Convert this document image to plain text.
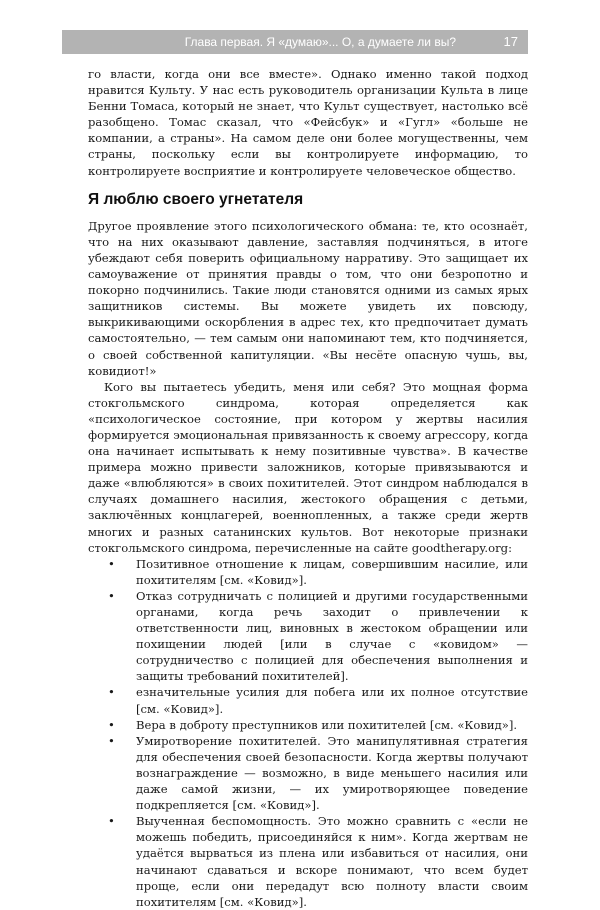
Глава первая. Я «думаю»... О, а думаете ли вы?	17

го власти, когда они все вместе». Однако именно такой подход нравится Культу. У нас есть руководитель организации Культа в лице Бенни Томаса, который не знает, что Культ существует, настолько всё разобщено. Томас сказал, что «Фейсбук» и «Гугл» «больше не компании, а страны». На самом деле они более могущественны, чем страны, поскольку если вы контролируете информацию, то контролируете восприятие и контролируете человеческое общество.

Я люблю своего угнетателя

Другое проявление этого психологического обмана: те, кто осознаёт, что на них оказывают давление, заставляя подчиняться, в итоге убеждают себя поверить официальному нарративу. Это защищает их самоуважение от принятия правды о том, что они безропотно и покорно подчинились. Такие люди становятся одними из самых ярых защитников системы. Вы можете увидеть их повсюду, выкрикивающими оскорбления в адрес тех, кто предпочитает думать самостоятельно, — тем самым они напоминают тем, кто подчиняется, о своей собственной капитуляции. «Вы несёте опасную чушь, вы, ковидиот!»

Кого вы пытаетесь убедить, меня или себя? Это мощная форма стокгольмского синдрома, которая определяется как «психологическое состояние, при котором у жертвы насилия формируется эмоциональная привязанность к своему агрессору, когда она начинает испытывать к нему позитивные чувства». В качестве примера можно привести заложников, которые привязываются и даже «влюбляются» в своих похитителей. Этот синдром наблюдался в случаях домашнего насилия, жестокого обращения с детьми, заключённых концлагерей, военнопленных, а также среди жертв многих и разных сатанинских культов. Вот некоторые признаки стокгольмского синдрома, перечисленные на сайте goodtherapy.org:

• Позитивное отношение к лицам, совершившим насилие, или похитителям [см. «Ковид»].
• Отказ сотрудничать с полицией и другими государственными органами, когда речь заходит о привлечении к ответственности лиц, виновных в жестоком обращении или похищении людей [или в случае с «ковидом» — сотрудничество с полицией для обеспечения выполнения и защиты требований похитителей].
• езначительные усилия для побега или их полное отсутствие [см. «Ковид»].
• Вера в доброту преступников или похитителей [см. «Ковид»].
• Умиротворение похитителей. Это манипулятивная стратегия для обеспечения своей безопасности. Когда жертвы получают вознаграждение — возможно, в виде меньшего насилия или даже самой жизни, — их умиротворяющее поведение подкрепляется [см. «Ковид»].
• Выученная беспомощность. Это можно сравнить с «если не можешь победить, присоединяйся к ним». Когда жертвам не удаётся вырваться из плена или избавиться от насилия, они начинают сдаваться и вскоре понимают, что всем будет проще, если они передадут всю полноту власти своим похитителям [см. «Ковид»].
